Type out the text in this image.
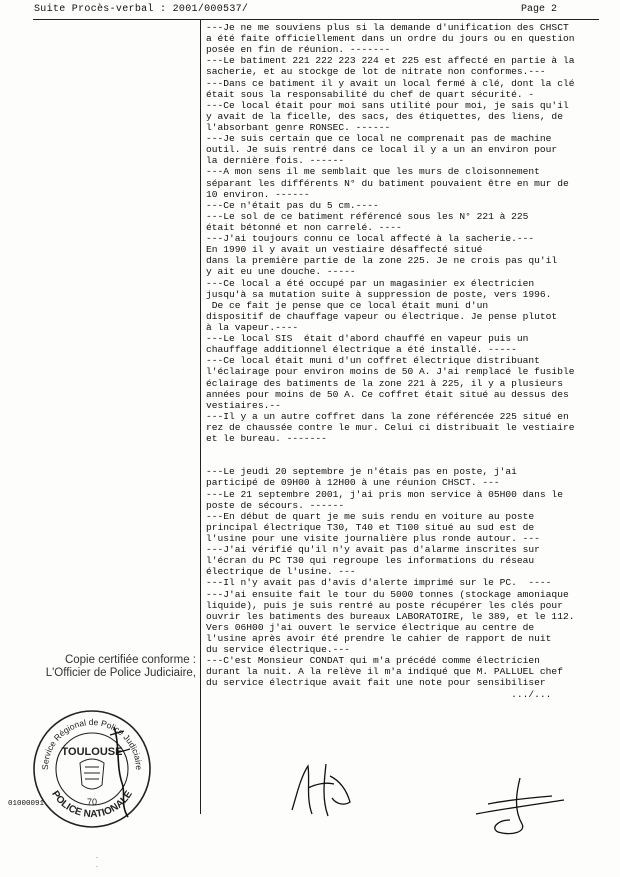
Suite Procès-verbal : 2001/000537/	Page 2
---Je ne me souviens plus si la demande d'unification des CHSCT
a été faite officiellement dans un ordre du jours ou en question
posée en fin de réunion. -------
---Le batiment 221 222 223 224 et 225 est affecté en partie à la
sacherie, et au stockge de lot de nitrate non conformes.---
---Dans ce batiment il y avait un local fermé à clé, dont la clé
était sous la responsabilité du chef de quart sécurité. -
---Ce local était pour moi sans utilité pour moi, je sais qu'il
y avait de la ficelle, des sacs, des étiquettes, des liens, de
l'absorbant genre RONSEC. ------
---Je suis certain que ce local ne comprenait pas de machine
outil. Je suis rentré dans ce local il y a un an environ pour
la dernière fois. ------
---A mon sens il me semblait que les murs de cloisonnement
séparant les différents N° du batiment pouvaient être en mur de
10 environ. ------
---Ce n'était pas du 5 cm.----
---Le sol de ce batiment référencé sous les N° 221 à 225
était bétonné et non carrelé. ----
---J'ai toujours connu ce local affecté à la sacherie.---
En 1990 il y avait un vestiaire désaffecté situé
dans la première partie de la zone 225. Je ne crois pas qu'il
y ait eu une douche. -----
---Ce local a été occupé par un magasinier ex électricien
jusqu'à sa mutation suite à suppression de poste, vers 1996.
De ce fait je pense que ce local était muni d'un
dispositif de chauffage vapeur ou électrique. Je pense plutot
à la vapeur.----
---Le local SIS  était d'abord chauffé en vapeur puis un
chauffage additionnel électrique a été installé. -----
---Ce local était muni d'un coffret électrique distribuant
l'éclairage pour environ moins de 50 A. J'ai remplacé le fusible
éclairage des batiments de la zone 221 à 225, il y a plusieurs
années pour moins de 50 A. Ce coffret était situé au dessus des
vestiaires.--
---Il y a un autre coffret dans la zone référencée 225 situé en
rez de chaussée contre le mur. Celui ci distribuait le vestiaire
et le bureau. -------
---Le jeudi 20 septembre je n'étais pas en poste, j'ai
participé de 09H00 à 12H00 à une réunion CHSCT. ---
---Le 21 septembre 2001, j'ai pris mon service à 05H00 dans le
poste de sécours. ------
---En début de quart je me suis rendu en voiture au poste
principal électrique T30, T40 et T100 situé au sud est de
l'usine pour une visite journalière plus ronde autour. ---
---J'ai vérifié qu'il n'y avait pas d'alarme inscrites sur
l'écran du PC T30 qui regroupe les informations du réseau
électrique de l'usine. ---
---Il n'y avait pas d'avis d'alerte imprimé sur le PC.  ----
---J'ai ensuite fait le tour du 5000 tonnes (stockage amoniaque
liquide), puis je suis rentré au poste récupérer les clés pour
ouvrir les batiments des bureaux LABORATOIRE, le 389, et le 112.
Vers 06H00 j'ai ouvert le service électrique au centre de
l'usine après avoir été prendre le cahier de rapport de nuit
du service électrique.---
---C'est Monsieur CONDAT qui m'a précédé comme électricien
durant la nuit. A la relève il m'a indiqué que M. PALLUEL chef
du service électrique avait fait une note pour sensibiliser
.../...
Copie certifiée conforme :
L'Officier de Police Judiciaire,
Service Régional de Police Judiciaire
POLICE NATIONALE
TOULOUSE
70
01000091
.
.
